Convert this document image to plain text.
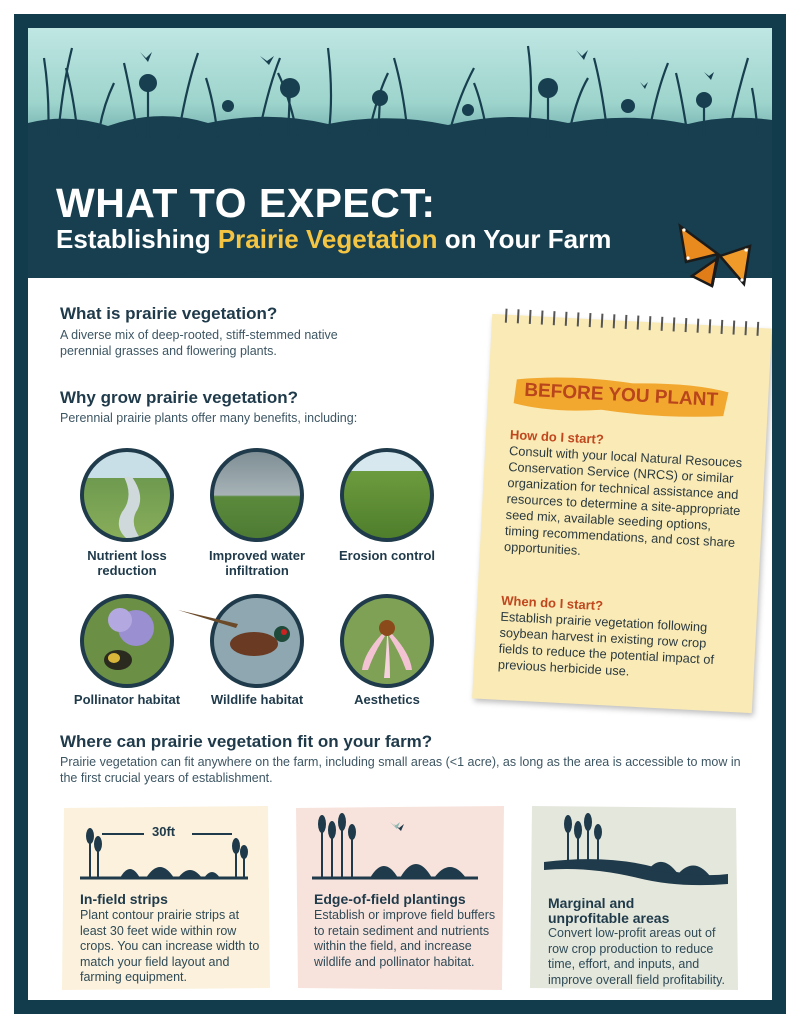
WHAT TO EXPECT:
Establishing Prairie Vegetation on Your Farm
What is prairie vegetation?

A diverse mix of deep-rooted, stiff-stemmed native perennial grasses and flowering plants.

Why grow prairie vegetation?

Perennial prairie plants offer many benefits, including:

Nutrient loss
reduction
Improved water
infiltration
Erosion control
Pollinator habitat	Wildlife habitat	Aesthetics
BEFORE YOU PLANT
How do I start?
Consult with your local Natural Resouces Conservation Service (NRCS) or similar organization for technical assistance and resources to determine a site-appropriate seed mix, available seeding options, timing recommendations, and cost share opportunities.
When do I start?
Establish prairie vegetation following soybean harvest in existing row crop fields to reduce the potential impact of previous herbicide use.
Where can prairie vegetation fit on your farm?

Prairie vegetation can fit anywhere on the farm, including small areas (<1 acre), as long as the area is accessible to mow in the first crucial years of establishment.

30ft
In-field strips

Plant contour prairie strips at least 30 feet wide within row crops. You can increase width to match your field layout and farming equipment.

Edge-of-field plantings

Establish or improve field buffers to retain sediment and nutrients within the field, and increase wildlife and pollinator habitat.

Marginal and
unprofitable areas

Convert low-profit areas out of row crop production to reduce time, effort, and inputs, and improve overall field profitability.
